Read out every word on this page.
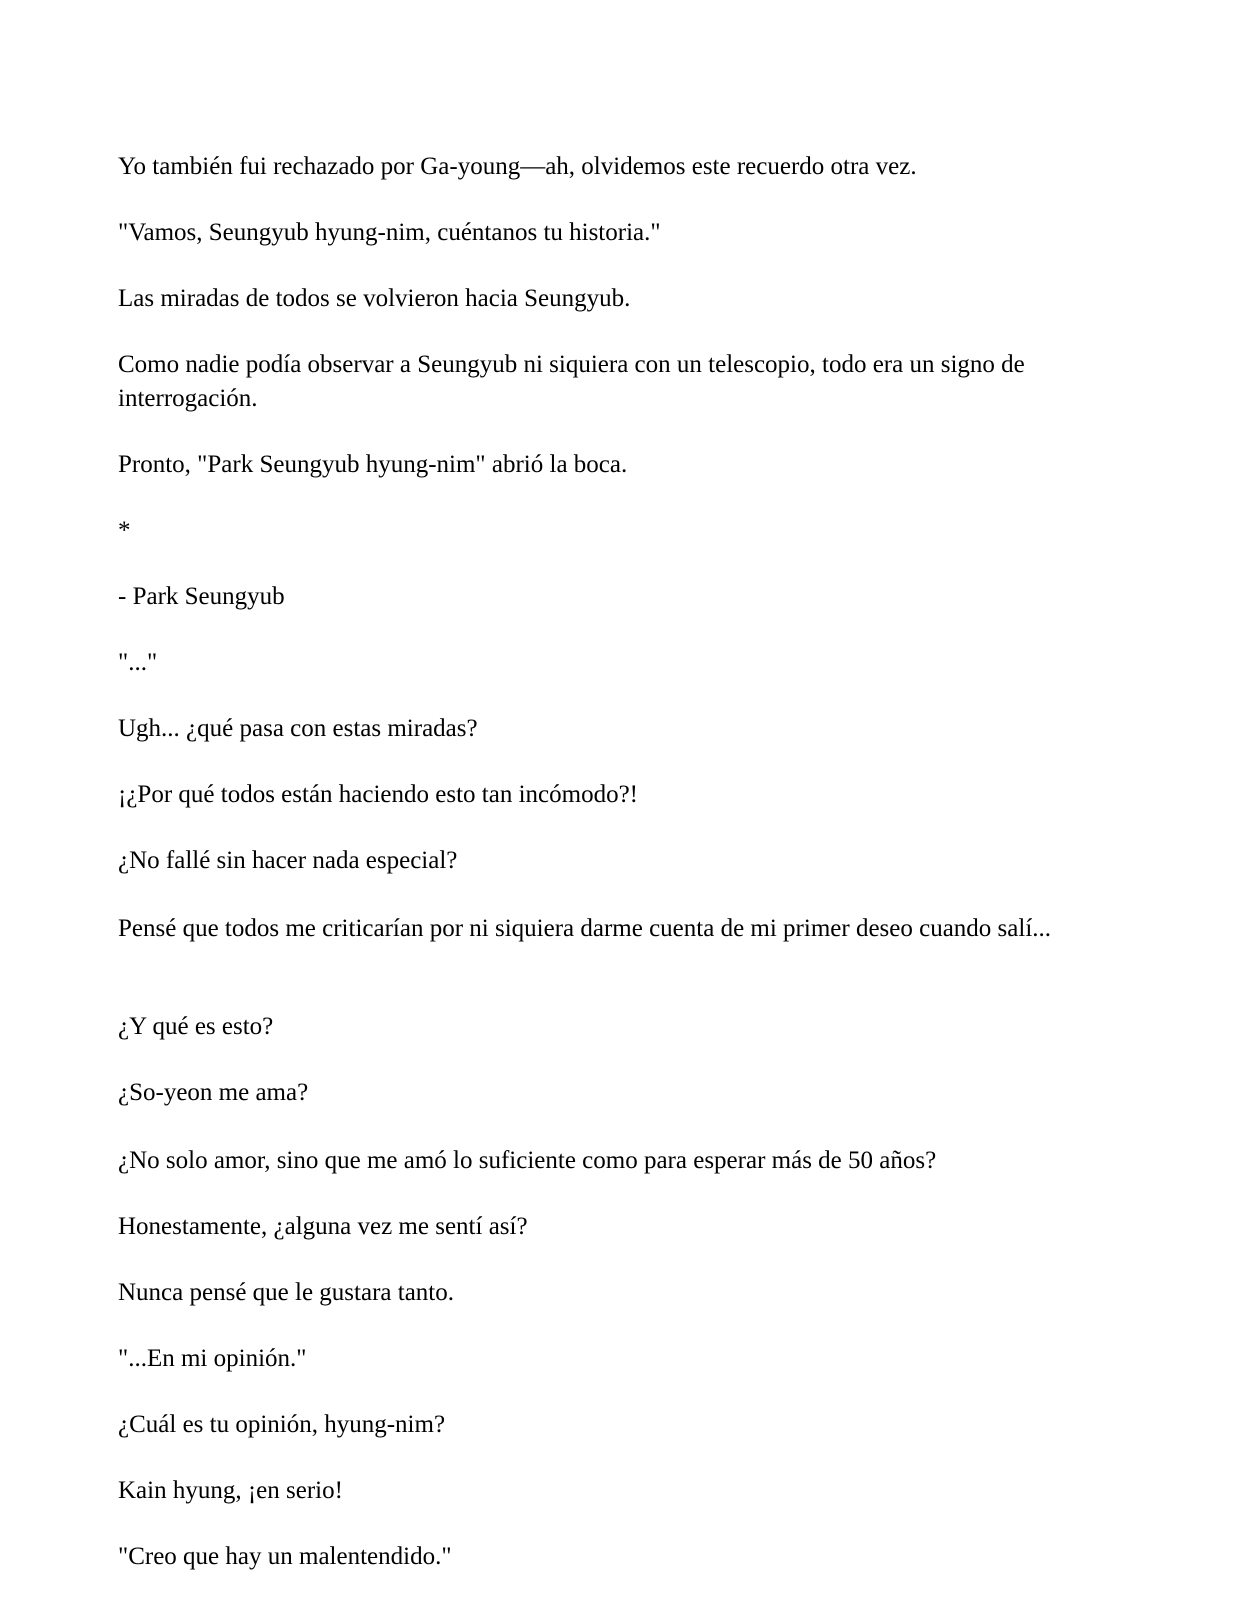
Yo también fui rechazado por Ga-young—ah, olvidemos este recuerdo otra vez.

"Vamos, Seungyub hyung-nim, cuéntanos tu historia."

Las miradas de todos se volvieron hacia Seungyub.

Como nadie podía observar a Seungyub ni siquiera con un telescopio, todo era un signo de interrogación.

Pronto, "Park Seungyub hyung-nim" abrió la boca.

*

- Park Seungyub

"..."

Ugh... ¿qué pasa con estas miradas?

¡¿Por qué todos están haciendo esto tan incómodo?!

¿No fallé sin hacer nada especial?

Pensé que todos me criticarían por ni siquiera darme cuenta de mi primer deseo cuando salí...

¿Y qué es esto?

¿So-yeon me ama?

¿No solo amor, sino que me amó lo suficiente como para esperar más de 50 años?

Honestamente, ¿alguna vez me sentí así?

Nunca pensé que le gustara tanto.

"...En mi opinión."

¿Cuál es tu opinión, hyung-nim?

Kain hyung, ¡en serio!

"Creo que hay un malentendido."
